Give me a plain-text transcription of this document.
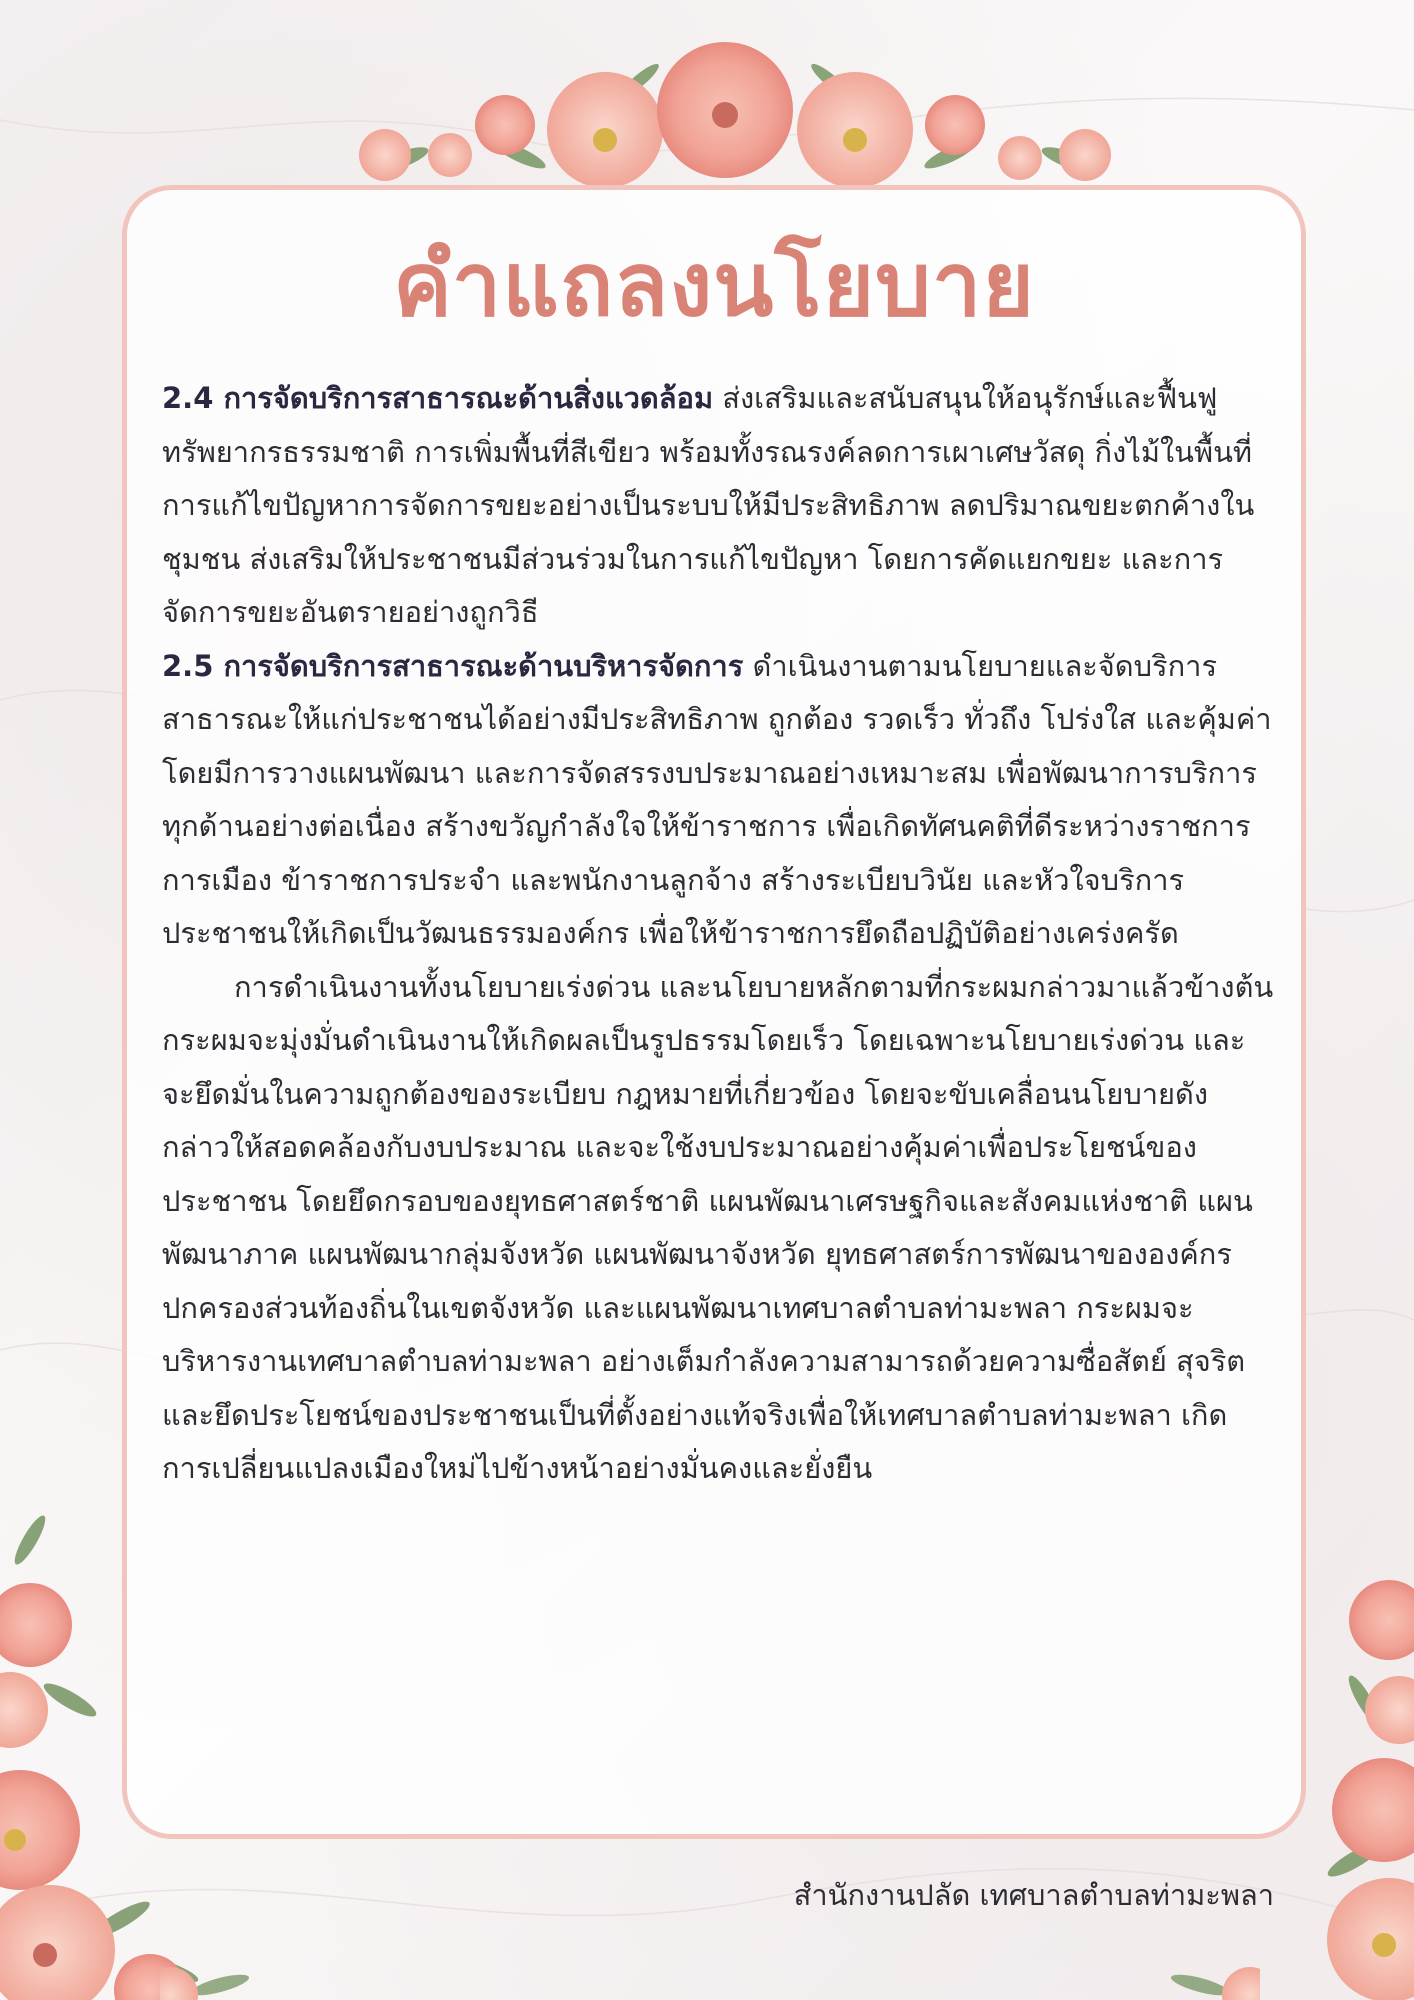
คำแถลงนโยบาย

2.4 การจัดบริการสาธารณะด้านสิ่งแวดล้อม ส่งเสริมและสนับสนุนให้อนุรักษ์และฟื้นฟูทรัพยากรธรรมชาติ การเพิ่มพื้นที่สีเขียว พร้อมทั้งรณรงค์ลดการเผาเศษวัสดุ กิ่งไม้ในพื้นที่การแก้ไขปัญหาการจัดการขยะอย่างเป็นระบบให้มีประสิทธิภาพ ลดปริมาณขยะตกค้างในชุมชน ส่งเสริมให้ประชาชนมีส่วนร่วมในการแก้ไขปัญหา โดยการคัดแยกขยะ และการจัดการขยะอันตรายอย่างถูกวิธี

2.5 การจัดบริการสาธารณะด้านบริหารจัดการ ดำเนินงานตามนโยบายและจัดบริการสาธารณะให้แก่ประชาชนได้อย่างมีประสิทธิภาพ ถูกต้อง รวดเร็ว ทั่วถึง โปร่งใส และคุ้มค่า โดยมีการวางแผนพัฒนา และการจัดสรรงบประมาณอย่างเหมาะสม เพื่อพัฒนาการบริการทุกด้านอย่างต่อเนื่อง สร้างขวัญกำลังใจให้ข้าราชการ เพื่อเกิดทัศนคติที่ดีระหว่างราชการการเมือง ข้าราชการประจำ และพนักงานลูกจ้าง สร้างระเบียบวินัย และหัวใจบริการประชาชนให้เกิดเป็นวัฒนธรรมองค์กร เพื่อให้ข้าราชการยึดถือปฏิบัติอย่างเคร่งครัด

การดำเนินงานทั้งนโยบายเร่งด่วน และนโยบายหลักตามที่กระผมกล่าวมาแล้วข้างต้น กระผมจะมุ่งมั่นดำเนินงานให้เกิดผลเป็นรูปธรรมโดยเร็ว โดยเฉพาะนโยบายเร่งด่วน และจะยึดมั่นในความถูกต้องของระเบียบ กฎหมายที่เกี่ยวข้อง โดยจะขับเคลื่อนนโยบายดังกล่าวให้สอดคล้องกับงบประมาณ และจะใช้งบประมาณอย่างคุ้มค่าเพื่อประโยชน์ของประชาชน โดยยึดกรอบของยุทธศาสตร์ชาติ แผนพัฒนาเศรษฐกิจและสังคมแห่งชาติ แผนพัฒนาภาค แผนพัฒนากลุ่มจังหวัด แผนพัฒนาจังหวัด ยุทธศาสตร์การพัฒนาขององค์กรปกครองส่วนท้องถิ่นในเขตจังหวัด และแผนพัฒนาเทศบาลตำบลท่ามะพลา กระผมจะบริหารงานเทศบาลตำบลท่ามะพลา อย่างเต็มกำลังความสามารถด้วยความซื่อสัตย์ สุจริต และยึดประโยชน์ของประชาชนเป็นที่ตั้งอย่างแท้จริงเพื่อให้เทศบาลตำบลท่ามะพลา เกิดการเปลี่ยนแปลงเมืองใหม่ไปข้างหน้าอย่างมั่นคงและยั่งยืน

สำนักงานปลัด เทศบาลตำบลท่ามะพลา
